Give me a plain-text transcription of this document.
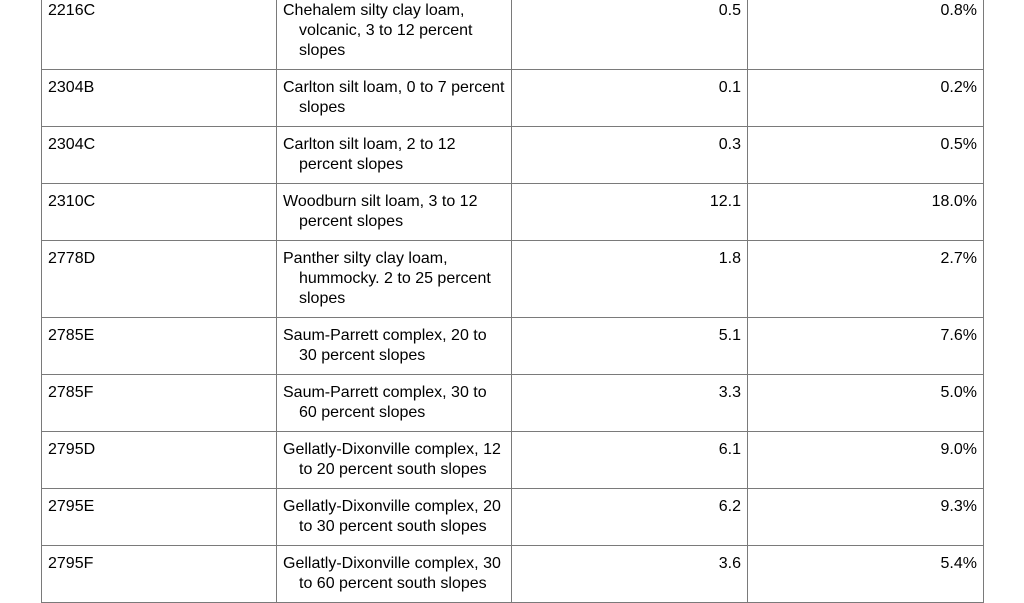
2216C	Chehalem silty clay loam, volcanic, 3 to 12 percent slopes	0.5	0.8%
2304B	Carlton silt loam, 0 to 7 percent slopes	0.1	0.2%
2304C	Carlton silt loam, 2 to 12 percent slopes	0.3	0.5%
2310C	Woodburn silt loam, 3 to 12 percent slopes	12.1	18.0%
2778D	Panther silty clay loam, hummocky. 2 to 25 percent slopes	1.8	2.7%
2785E	Saum-Parrett complex, 20 to 30 percent slopes	5.1	7.6%
2785F	Saum-Parrett complex, 30 to 60 percent slopes	3.3	5.0%
2795D	Gellatly-Dixonville complex, 12 to 20 percent south slopes	6.1	9.0%
2795E	Gellatly-Dixonville complex, 20 to 30 percent south slopes	6.2	9.3%
2795F	Gellatly-Dixonville complex, 30 to 60 percent south slopes	3.6	5.4%
